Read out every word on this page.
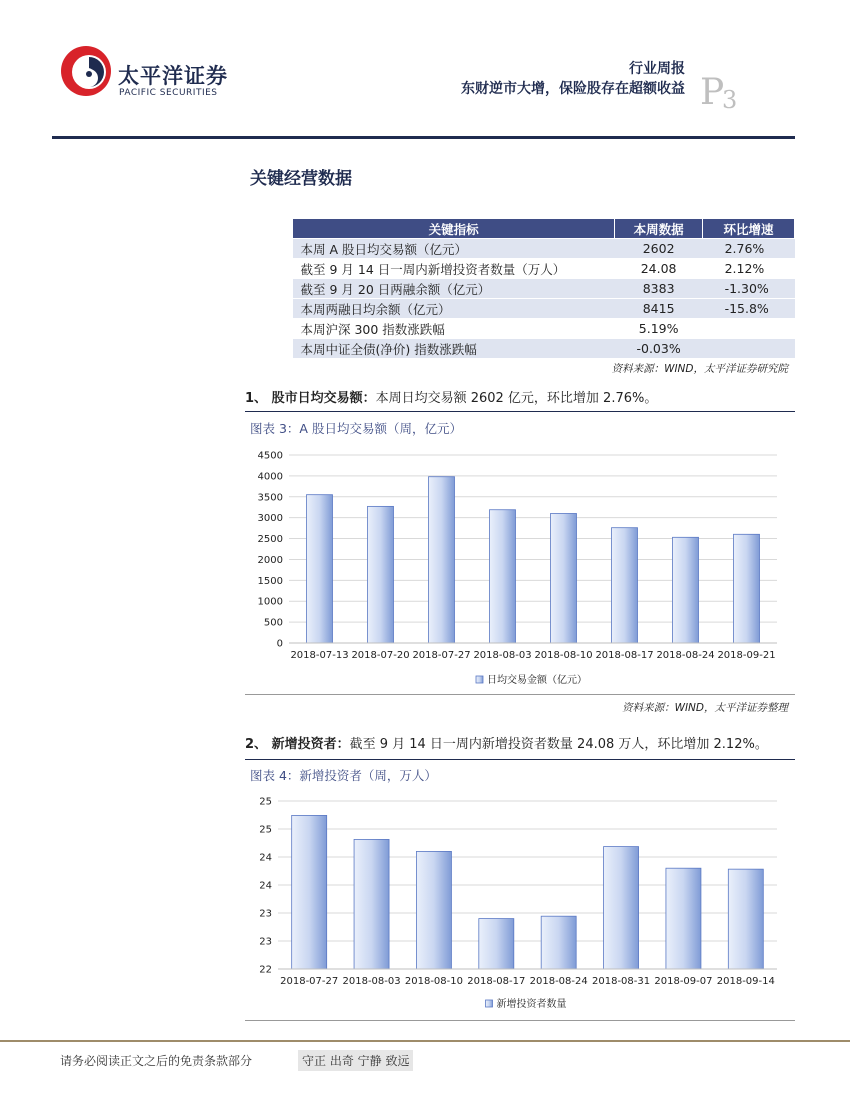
太平洋证券
PACIFIC SECURITIES
行业周报
东财逆市大增，保险股存在超额收益 P
3
关键经营数据
关键指标	本周数据	环比增速
本周 A 股日均交易额（亿元）	2602	2.76%
截至 9 月 14 日一周内新增投资者数量（万人）	24.08	2.12%
截至 9 月 20 日两融余额（亿元）	8383	-1.30%
本周两融日均余额（亿元）	8415	-15.8%
本周沪深 300 指数涨跌幅	5.19%	
本周中证全债(净价) 指数涨跌幅	-0.03%	
资料来源：WIND，太平洋证券研究院
1、 股市日均交易额：本周日均交易额 2602 亿元，环比增加 2.76%。
图表 3：A 股日均交易额（周，亿元）
0
500
1000
1500
2000
2500
3000
3500
4000
4500
2018-07-13 2018-07-20 2018-07-27 2018-08-03 2018-08-10 2018-08-17 2018-08-24 2018-09-21
日均交易金额（亿元）
资料来源：WIND，太平洋证券整理
2、 新增投资者：截至 9 月 14 日一周内新增投资者数量 24.08 万人，环比增加 2.12%。
图表 4：新增投资者（周，万人）
22
23
23
24
24
25
25
2018-07-27 2018-08-03 2018-08-10 2018-08-17 2018-08-24 2018-08-31 2018-09-07 2018-09-14
新增投资者数量
请务必阅读正文之后的免责条款部分	守正 出奇 宁静 致远
